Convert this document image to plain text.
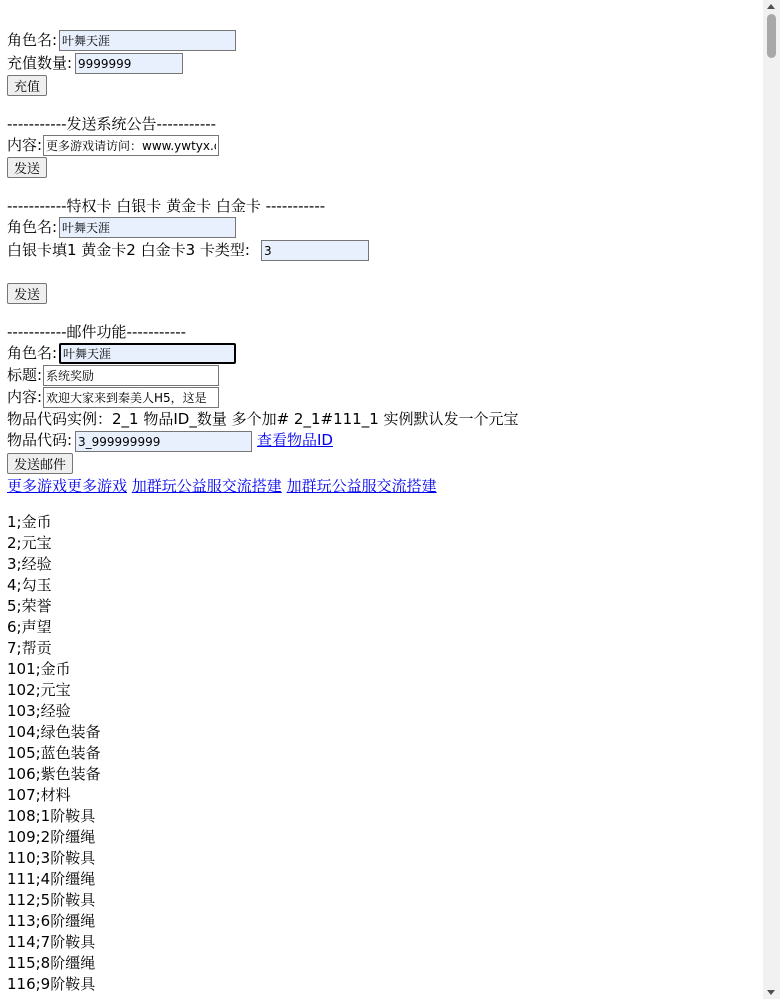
角色名:
叶舞天涯
充值数量:
9999999
充值
-----------发送系统公告-----------
内容:
更多游戏请访问：www.ywtyx.com
发送
-----------特权卡 白银卡 黄金卡 白金卡 -----------
角色名:
叶舞天涯
白银卡填1 黄金卡2 白金卡3 卡类型:
3
发送
-----------邮件功能-----------
角色名:
叶舞天涯
标题:
系统奖励
内容:
欢迎大家来到秦美人H5，这是
物品代码实例：2_1 物品ID_数量 多个加# 2_1#111_1 实例默认发一个元宝
物品代码:
3_999999999	查看物品ID
发送邮件
更多游戏更多游戏 加群玩公益服交流搭建 加群玩公益服交流搭建
1;金币
2;元宝
3;经验
4;勾玉
5;荣誉
6;声望
7;帮贡
101;金币
102;元宝
103;经验
104;绿色装备
105;蓝色装备
106;紫色装备
107;材料
108;1阶鞍具
109;2阶缰绳
110;3阶鞍具
111;4阶缰绳
112;5阶鞍具
113;6阶缰绳
114;7阶鞍具
115;8阶缰绳
116;9阶鞍具
